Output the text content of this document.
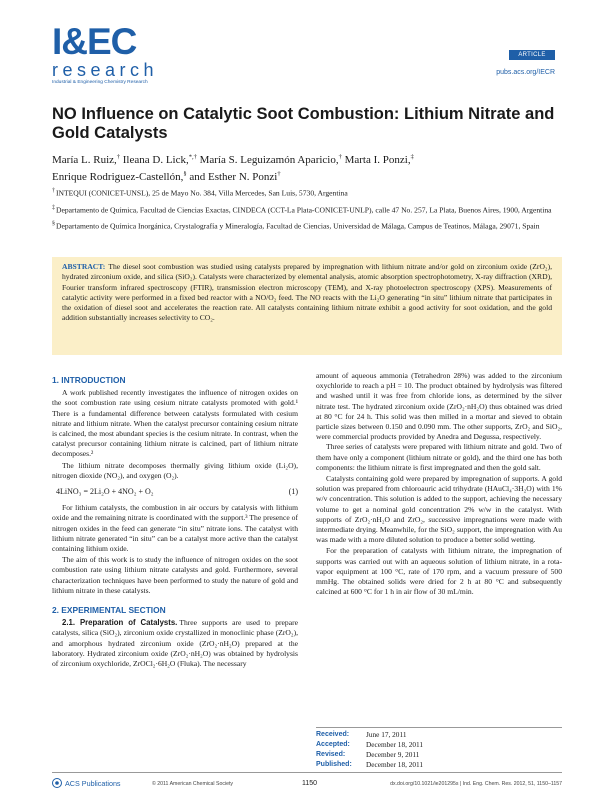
I&EC
research
Industrial & Engineering Chemistry Research
ARTICLE
pubs.acs.org/IECR
NO Influence on Catalytic Soot Combustion: Lithium Nitrate and Gold Catalysts
María L. Ruiz,† Ileana D. Lick,*,† María S. Leguizamón Aparicio,† Marta I. Ponzi,‡
Enrique Rodriguez-Castellón,§ and Esther N. Ponzi†
†INTEQUI (CONICET-UNSL), 25 de Mayo No. 384, Villa Mercedes, San Luis, 5730, Argentina
‡Departamento de Química, Facultad de Ciencias Exactas, CINDECA (CCT-La Plata-CONICET-UNLP), calle 47 No. 257, La Plata, Buenos Aires, 1900, Argentina
§Departamento de Química Inorgánica, Crystalografía y Mineralogía, Facultad de Ciencias, Universidad de Málaga, Campus de Teatinos, Málaga, 29071, Spain
ABSTRACT: The diesel soot combustion was studied using catalysts prepared by impregnation with lithium nitrate and/or gold on zirconium oxide (ZrO₂), hydrated zirconium oxide, and silica (SiO₂). Catalysts were characterized by elemental analysis, atomic absorption spectrophotometry, X-ray diffraction (XRD), Fourier transform infrared spectroscopy (FTIR), transmission electron microscopy (TEM), and X-ray photoelectron spectroscopy (XPS). Measurements of catalytic activity were performed in a fixed bed reactor with a NO/O₂ feed. The NO reacts with the Li₂O generating “in situ” lithium nitrate that participates in the oxidation of diesel soot and accelerates the reaction rate. All catalysts containing lithium nitrate exhibit a good activity for soot oxidation, and the gold addition substantially increases selectivity to CO₂.
1. INTRODUCTION

A work published recently investigates the influence of nitrogen oxides on the soot combustion rate using cesium nitrate catalysts promoted with gold.¹ There is a fundamental difference between catalysts formulated with cesium nitrate and lithium nitrate. When the catalyst precursor containing cesium nitrate is calcined, the most abundant species is the cesium nitrate. In contrast, when the catalyst precursor containing lithium nitrate is calcined, part of lithium nitrate decomposes.²

The lithium nitrate decomposes thermally giving lithium oxide (Li₂O), nitrogen dioxide (NO₂), and oxygen (O₂).

4LiNO₃ = 2Li₂O + 4NO₂ + O₂	(1)

For lithium catalysts, the combustion in air occurs by catalysis with lithium oxide and the remaining nitrate is coordinated with the support.³ The presence of nitrogen oxides in the feed can generate “in situ” nitrate ions. The catalyst with lithium nitrate generated “in situ” can be a catalyst more active than the catalyst containing lithium oxide.

The aim of this work is to study the influence of nitrogen oxides on the soot combustion rate using lithium nitrate catalysts and gold. Furthermore, several characterization techniques have been performed to study the nature of gold and lithium nitrate in these catalysts.

2. EXPERIMENTAL SECTION

2.1. Preparation of Catalysts. Three supports are used to prepare catalysts, silica (SiO₂), zirconium oxide crystallized in monoclinic phase (ZrO₂), and amorphous hydrated zirconium oxide (ZrO₂·nH₂O) prepared at the laboratory. Hydrated zirconium oxide (ZrO₂·nH₂O) was obtained by hydrolysis of zirconium oxychloride, ZrOCl₂·6H₂O (Fluka). The necessary

amount of aqueous ammonia (Tetrahedron 28%) was added to the zirconium oxychloride to reach a pH = 10. The product obtained by hydrolysis was filtered and washed until it was free from chloride ions, as determined by the silver nitrate test. The hydrated zirconium oxide (ZrO₂·nH₂O) thus obtained was dried at 80 °C for 24 h. This solid was then milled in a mortar and sieved to obtain particle sizes between 0.150 and 0.090 mm. The other supports, ZrO₂ and SiO₂, were commercial products provided by Anedra and Degussa, respectively.

Three series of catalysts were prepared with lithium nitrate and gold. Two of them have only a component (lithium nitrate or gold), and the third one has both components: the lithium nitrate is first impregnated and then the gold salt.

Catalysts containing gold were prepared by impregnation of supports. A gold solution was prepared from chloroauric acid trihydrate (HAuCl₄·3H₂O) with 1% w/v concentration. This solution is added to the support, achieving the necessary volume to get a nominal gold concentration 2% w/w in the catalyst. With supports of ZrO₂·nH₂O and ZrO₂, successive impregnations were made with intermediate drying. Meanwhile, for the SiO₂ support, the impregnation with Au was made with a more diluted solution to produce a better solid wetting.

For the preparation of catalysts with lithium nitrate, the impregnation of supports was carried out with an aqueous solution of lithium nitrate, in a rota-vapor equipment at 100 °C, rate of 170 rpm, and a vacuum pressure of 500 mmHg. The obtained solids were dried for 2 h at 80 °C and subsequently calcined at 600 °C for 1 h in air flow of 30 mL/min.

Received:	June 17, 2011
Accepted:	December 18, 2011
Revised:	December 9, 2011
Published:	December 18, 2011
ACS Publications	© 2011 American Chemical Society	1150	dx.doi.org/10.1021/ie201295s | Ind. Eng. Chem. Res. 2012, 51, 1150–1157
